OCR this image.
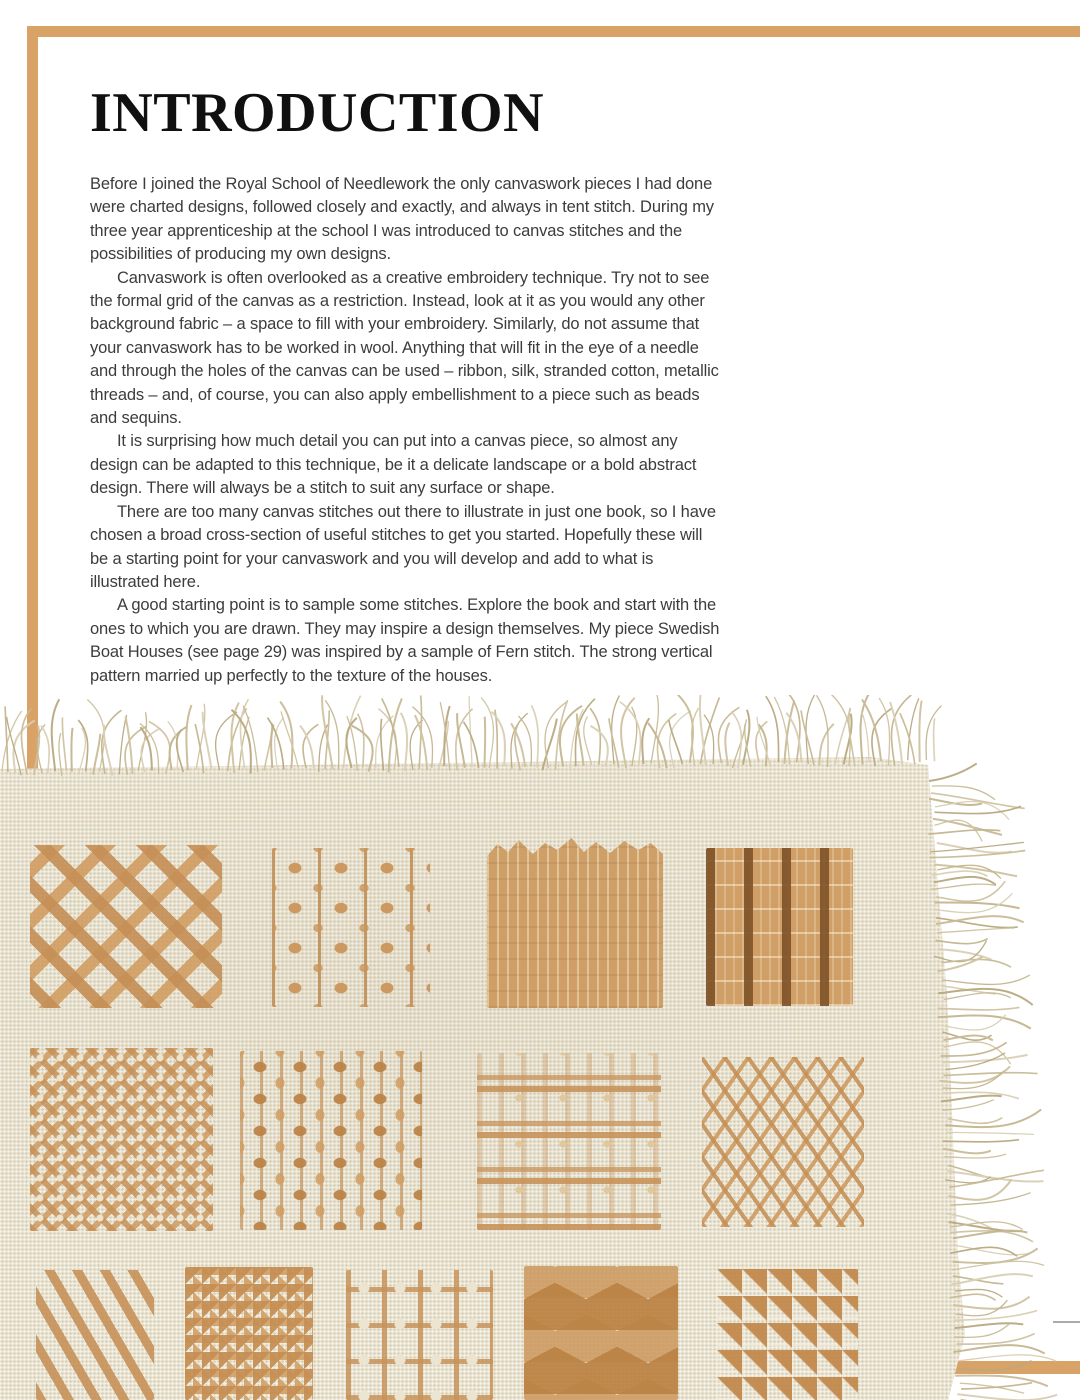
INTRODUCTION

Before I joined the Royal School of Needlework the only canvaswork pieces I had done were charted designs, followed closely and exactly, and always in tent stitch. During my three year apprenticeship at the school I was introduced to canvas stitches and the possibilities of producing my own designs.

Canvaswork is often overlooked as a creative embroidery technique. Try not to see the formal grid of the canvas as a restriction. Instead, look at it as you would any other background fabric – a space to fill with your embroidery. Similarly, do not assume that your canvaswork has to be worked in wool. Anything that will fit in the eye of a needle and through the holes of the canvas can be used – ribbon, silk, stranded cotton, metallic threads – and, of course, you can also apply embellishment to a piece such as beads and sequins.

It is surprising how much detail you can put into a canvas piece, so almost any design can be adapted to this technique, be it a delicate landscape or a bold abstract design. There will always be a stitch to suit any surface or shape.

There are too many canvas stitches out there to illustrate in just one book, so I have chosen a broad cross-section of useful stitches to get you started. Hopefully these will be a starting point for your canvaswork and you will develop and add to what is illustrated here.

A good starting point is to sample some stitches. Explore the book and start with the ones to which you are drawn. They may inspire a design themselves. My piece Swedish Boat Houses (see page 29) was inspired by a sample of Fern stitch. The strong vertical pattern married up perfectly to the texture of the houses.
